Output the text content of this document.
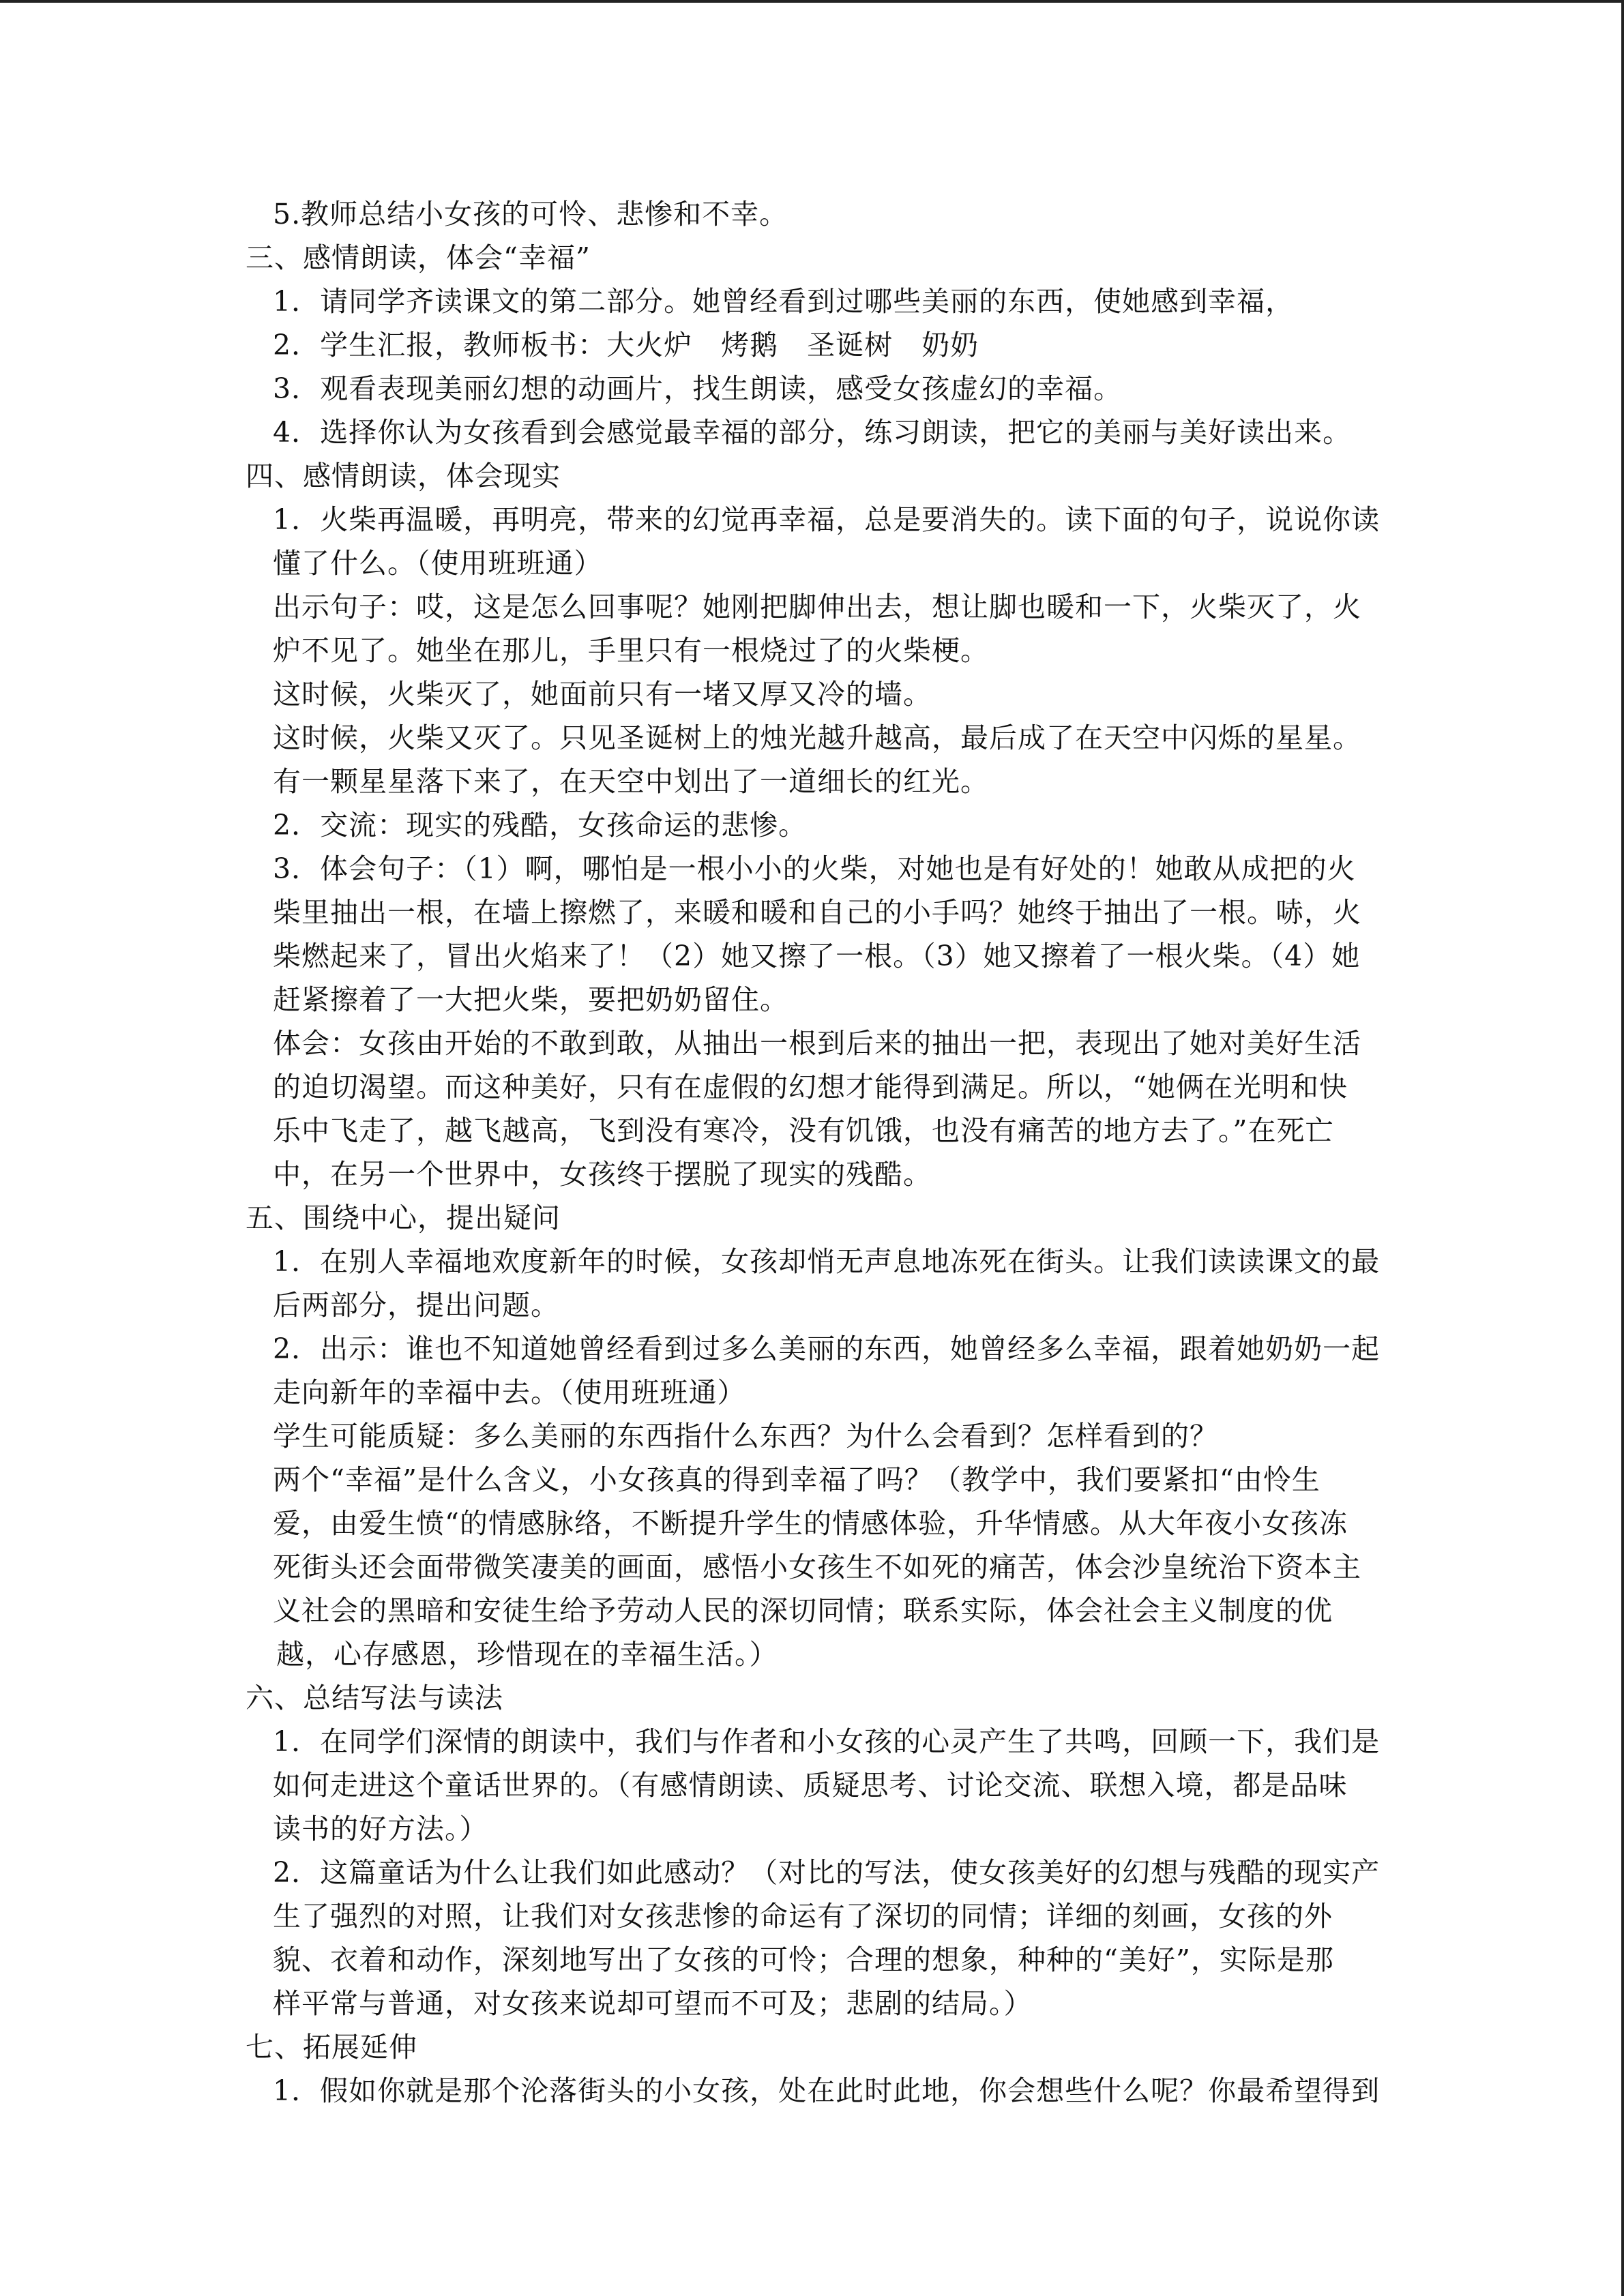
5.教师总结小女孩的可怜、悲惨和不幸。
三、感情朗读，体会“幸福”
1．请同学齐读课文的第二部分。她曾经看到过哪些美丽的东西，使她感到幸福，
2．学生汇报，教师板书：大火炉　烤鹅　圣诞树　奶奶
3．观看表现美丽幻想的动画片，找生朗读，感受女孩虚幻的幸福。
4．选择你认为女孩看到会感觉最幸福的部分，练习朗读，把它的美丽与美好读出来。
四、感情朗读，体会现实
1．火柴再温暖，再明亮，带来的幻觉再幸福，总是要消失的。读下面的句子，说说你读
懂了什么。（使用班班通）
出示句子：哎，这是怎么回事呢？她刚把脚伸出去，想让脚也暖和一下，火柴灭了，火
炉不见了。她坐在那儿，手里只有一根烧过了的火柴梗。
这时候，火柴灭了，她面前只有一堵又厚又冷的墙。
这时候，火柴又灭了。只见圣诞树上的烛光越升越高，最后成了在天空中闪烁的星星。
有一颗星星落下来了，在天空中划出了一道细长的红光。
2．交流：现实的残酷，女孩命运的悲惨。
3．体会句子：（1）啊，哪怕是一根小小的火柴，对她也是有好处的！她敢从成把的火
柴里抽出一根，在墙上擦燃了，来暖和暖和自己的小手吗？她终于抽出了一根。哧，火
柴燃起来了，冒出火焰来了！（2）她又擦了一根。（3）她又擦着了一根火柴。（4）她
赶紧擦着了一大把火柴，要把奶奶留住。
体会：女孩由开始的不敢到敢，从抽出一根到后来的抽出一把，表现出了她对美好生活
的迫切渴望。而这种美好，只有在虚假的幻想才能得到满足。所以，“她俩在光明和快
乐中飞走了，越飞越高，飞到没有寒冷，没有饥饿，也没有痛苦的地方去了。”在死亡
中，在另一个世界中，女孩终于摆脱了现实的残酷。
五、围绕中心，提出疑问
1．在别人幸福地欢度新年的时候，女孩却悄无声息地冻死在街头。让我们读读课文的最
后两部分，提出问题。
2．出示：谁也不知道她曾经看到过多么美丽的东西，她曾经多么幸福，跟着她奶奶一起
走向新年的幸福中去。（使用班班通）
学生可能质疑：多么美丽的东西指什么东西？为什么会看到？怎样看到的？
两个“幸福”是什么含义，小女孩真的得到幸福了吗？（教学中，我们要紧扣“由怜生
爱，由爱生愤“的情感脉络，不断提升学生的情感体验，升华情感。从大年夜小女孩冻
死街头还会面带微笑凄美的画面，感悟小女孩生不如死的痛苦，体会沙皇统治下资本主
义社会的黑暗和安徒生给予劳动人民的深切同情；联系实际，体会社会主义制度的优
越，心存感恩，珍惜现在的幸福生活。）
六、总结写法与读法
1．在同学们深情的朗读中，我们与作者和小女孩的心灵产生了共鸣，回顾一下，我们是
如何走进这个童话世界的。（有感情朗读、质疑思考、讨论交流、联想入境，都是品味
读书的好方法。）
2．这篇童话为什么让我们如此感动？（对比的写法，使女孩美好的幻想与残酷的现实产
生了强烈的对照，让我们对女孩悲惨的命运有了深切的同情；详细的刻画，女孩的外
貌、衣着和动作，深刻地写出了女孩的可怜；合理的想象，种种的“美好”，实际是那
样平常与普通，对女孩来说却可望而不可及；悲剧的结局。）
七、拓展延伸
1．假如你就是那个沦落街头的小女孩，处在此时此地，你会想些什么呢？你最希望得到
